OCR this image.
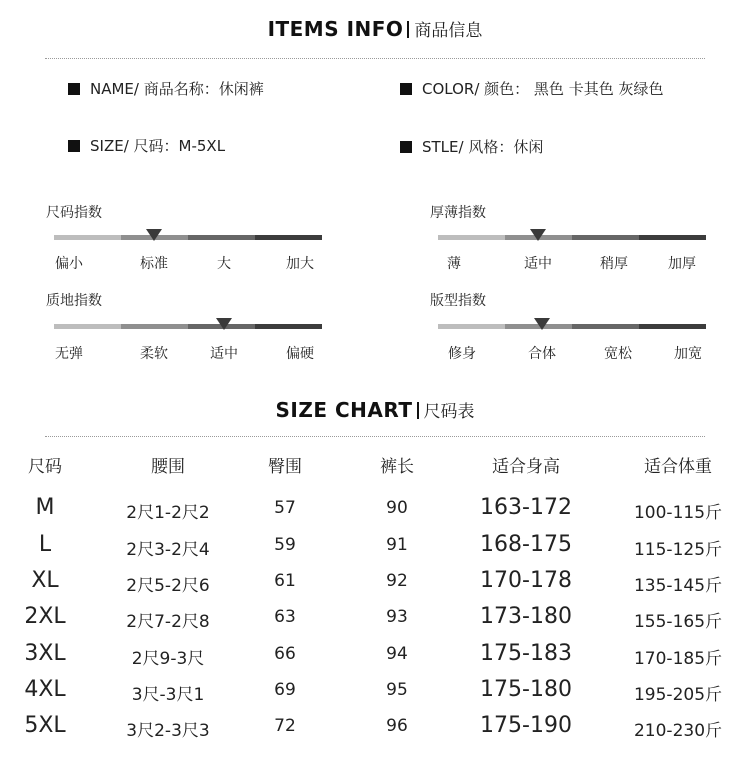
ITEMS INFO 商品信息
NAME/ 商品名称：休闲裤	COLOR/ 颜色： 黑色 卡其色 灰绿色
SIZE/ 尺码：M-5XL	STLE/ 风格：休闲
尺码指数
偏小	标准	大	加大
厚薄指数
薄	适中	稍厚	加厚
质地指数
无弹	柔软	适中	偏硬
版型指数
修身	合体	宽松	加宽
SIZE CHART 尺码表
尺码	腰围	臀围	裤长	适合身高	适合体重
M	2尺1-2尺2	57	90	163-172	100-115斤
L	2尺3-2尺4	59	91	168-175	115-125斤
XL	2尺5-2尺6	61	92	170-178	135-145斤
2XL	2尺7-2尺8	63	93	173-180	155-165斤
3XL	2尺9-3尺	66	94	175-183	170-185斤
4XL	3尺-3尺1	69	95	175-180	195-205斤
5XL	3尺2-3尺3	72	96	175-190	210-230斤
